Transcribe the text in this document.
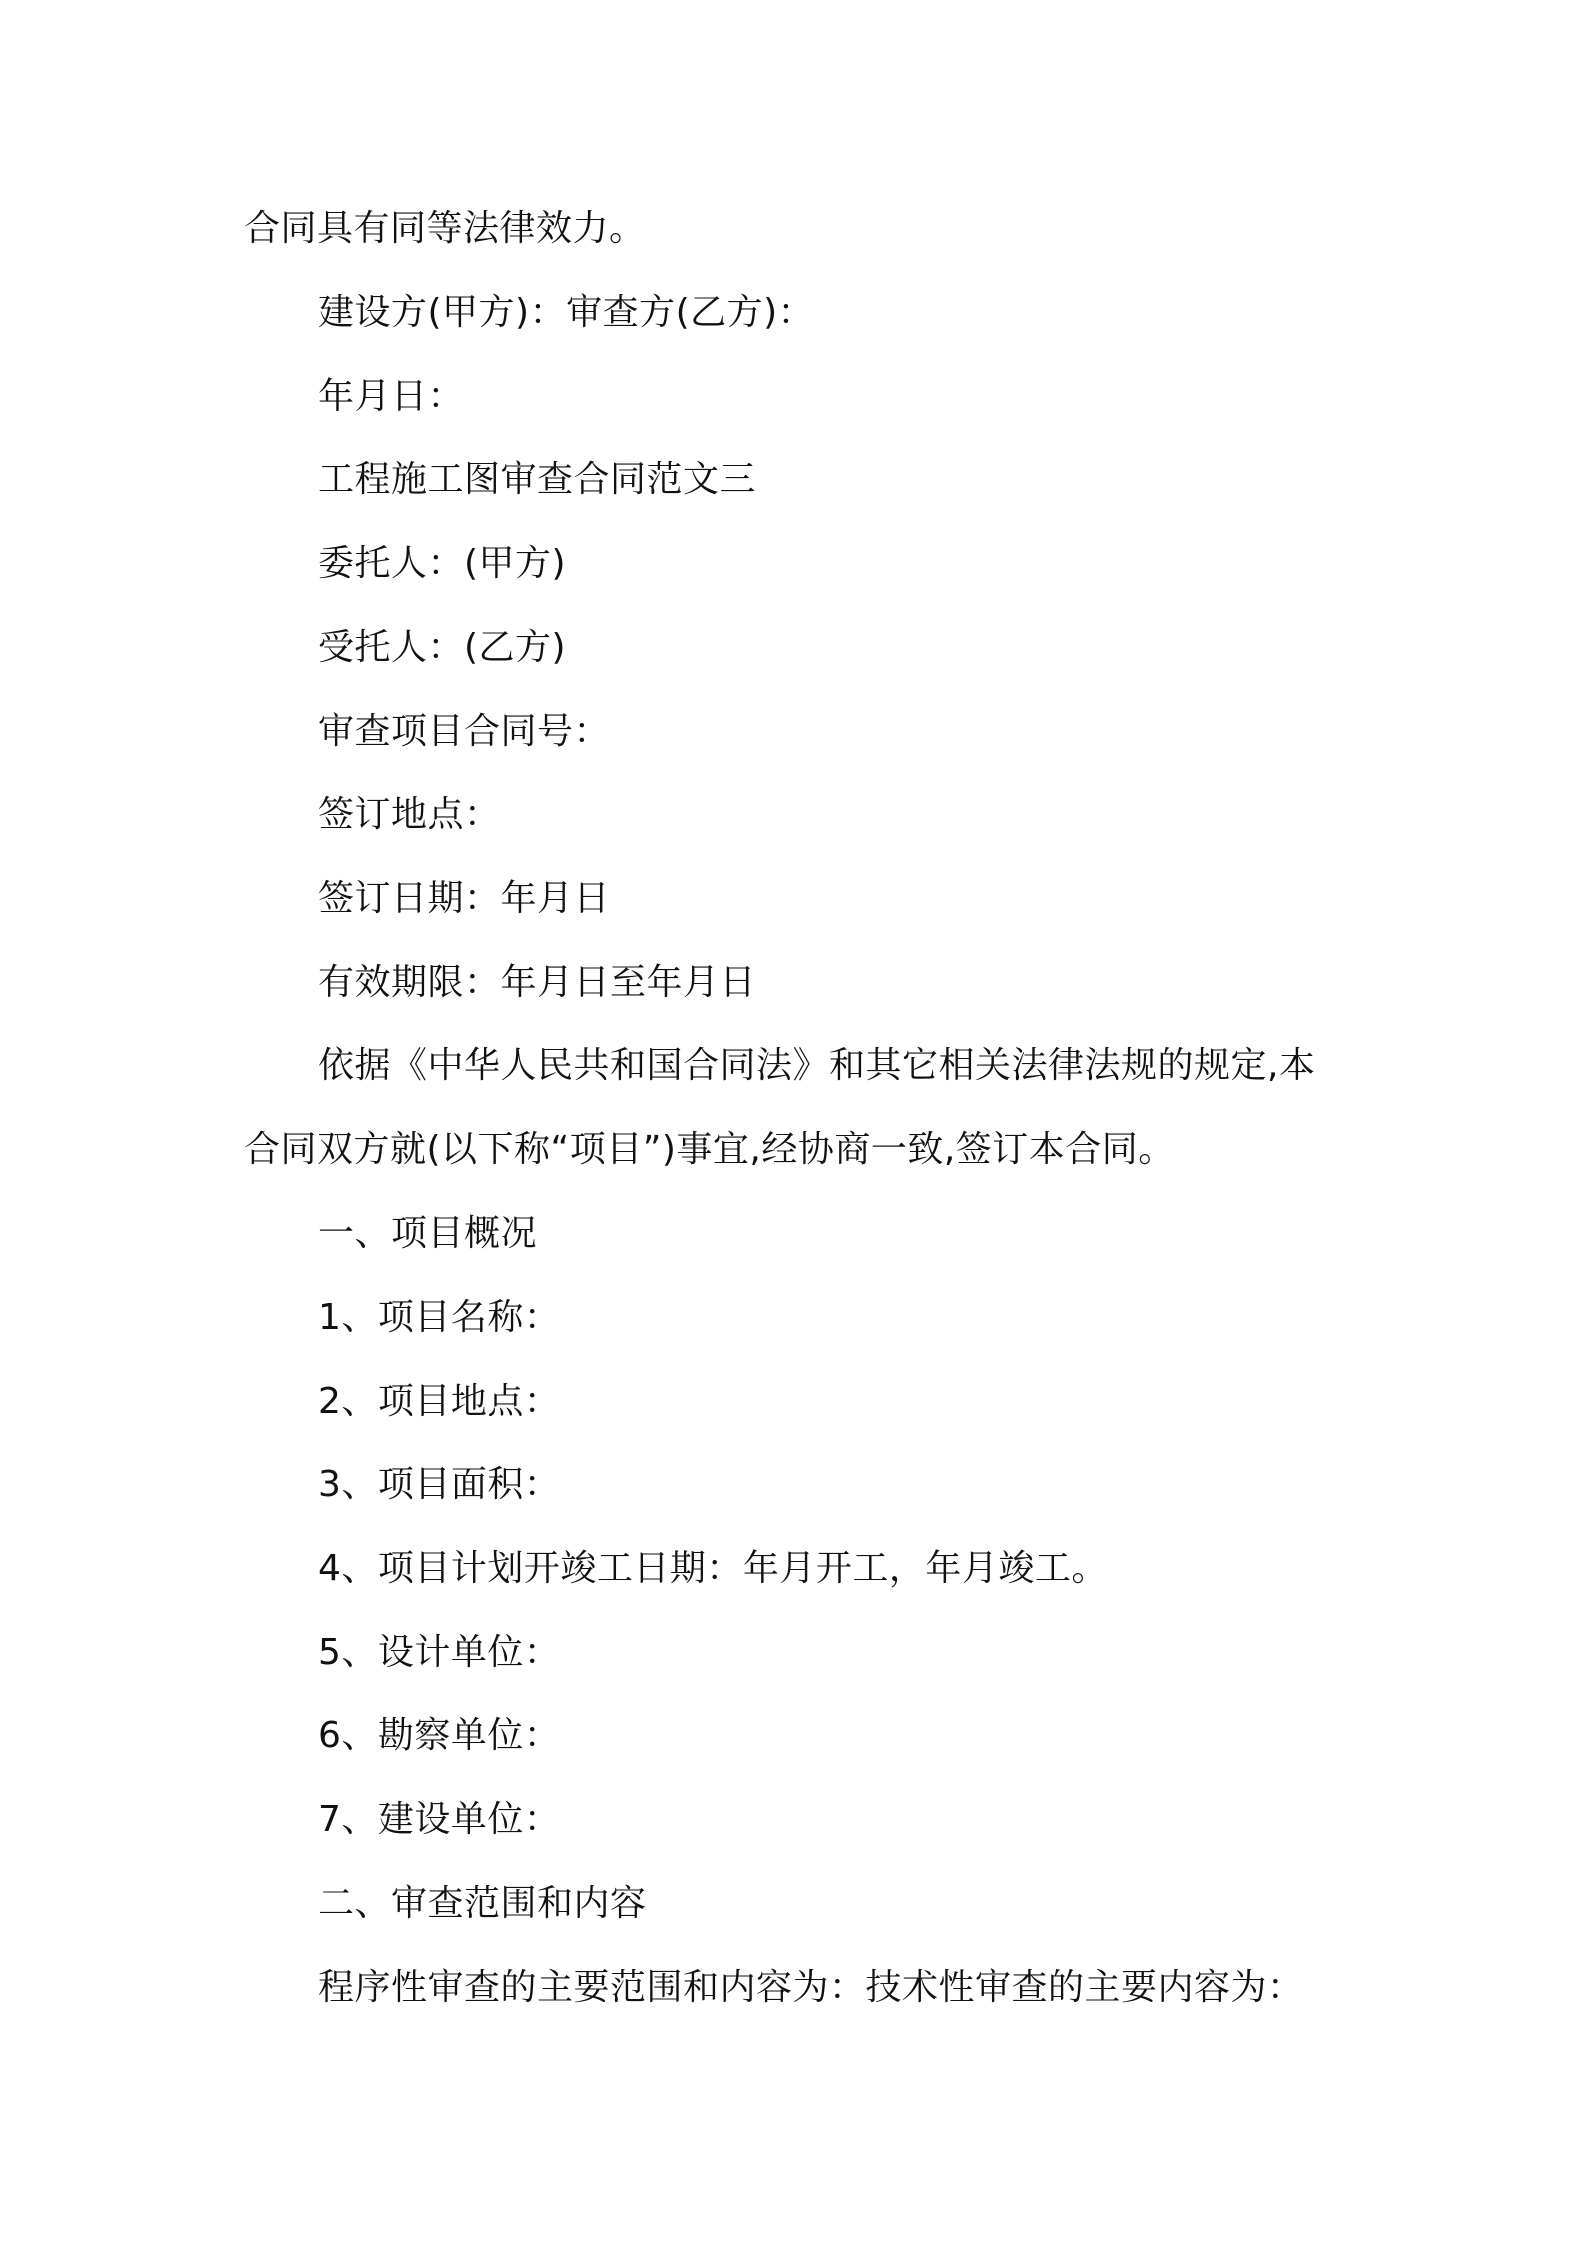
合同具有同等法律效力。
建设方(甲方)：审查方(乙方)：
年月日：
工程施工图审查合同范文三
委托人：(甲方)
受托人：(乙方)
审查项目合同号：
签订地点：
签订日期：年月日
有效期限：年月日至年月日
依据《中华人民共和国合同法》和其它相关法律法规的规定,本
合同双方就(以下称“项目”)事宜,经协商一致,签订本合同。
一、项目概况
1、项目名称：
2、项目地点：
3、项目面积：
4、项目计划开竣工日期：年月开工，年月竣工。
5、设计单位：
6、勘察单位：
7、建设单位：
二、审查范围和内容
程序性审查的主要范围和内容为：技术性审查的主要内容为：
